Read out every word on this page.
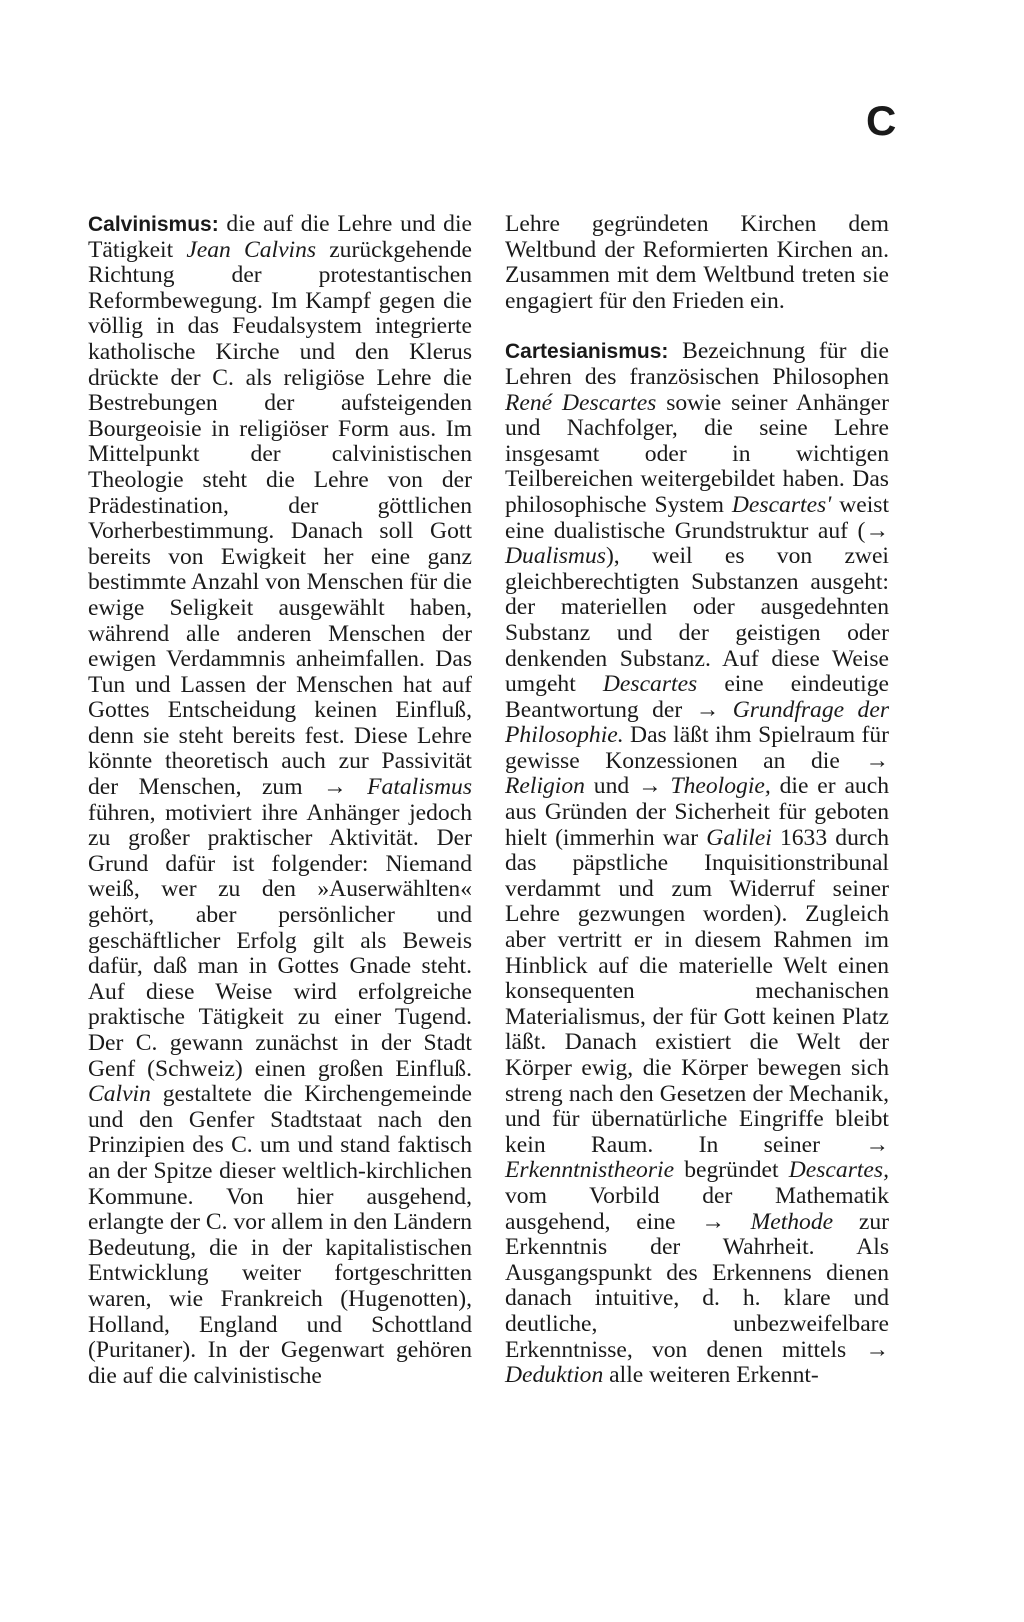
C

Calvinismus: die auf die Lehre und die Tätigkeit Jean Calvins zurückgehende Richtung der protestantischen Reformbewegung. Im Kampf gegen die völlig in das Feudalsystem integrierte katholische Kirche und den Klerus drückte der C. als religiöse Lehre die Bestrebungen der aufsteigenden Bourgeoisie in religiöser Form aus. Im Mittelpunkt der calvinistischen Theologie steht die Lehre von der Prädestination, der göttlichen Vorherbestimmung. Danach soll Gott bereits von Ewigkeit her eine ganz bestimmte Anzahl von Menschen für die ewige Seligkeit ausgewählt haben, während alle anderen Menschen der ewigen Verdammnis anheimfallen. Das Tun und Lassen der Menschen hat auf Gottes Entscheidung keinen Einfluß, denn sie steht bereits fest. Diese Lehre könnte theoretisch auch zur Passivität der Menschen, zum → Fatalismus führen, motiviert ihre Anhänger jedoch zu großer praktischer Aktivität. Der Grund dafür ist folgender: Niemand weiß, wer zu den »Auserwählten« gehört, aber persönlicher und geschäftlicher Erfolg gilt als Beweis dafür, daß man in Gottes Gnade steht. Auf diese Weise wird erfolgreiche praktische Tätigkeit zu einer Tugend. Der C. gewann zunächst in der Stadt Genf (Schweiz) einen großen Einfluß. Calvin gestaltete die Kirchengemeinde und den Genfer Stadtstaat nach den Prinzipien des C. um und stand faktisch an der Spitze dieser weltlich-kirchlichen Kommune. Von hier ausgehend, erlangte der C. vor allem in den Ländern Bedeutung, die in der kapitalistischen Entwicklung weiter fortgeschritten waren, wie Frankreich (Hugenotten), Holland, England und Schottland (Puritaner). In der Gegenwart gehören die auf die calvinistische

Lehre gegründeten Kirchen dem Weltbund der Reformierten Kirchen an. Zusammen mit dem Weltbund treten sie engagiert für den Frieden ein.

Cartesianismus: Bezeichnung für die Lehren des französischen Philosophen René Descartes sowie seiner Anhänger und Nachfolger, die seine Lehre insgesamt oder in wichtigen Teilbereichen weitergebildet haben. Das philosophische System Descartes' weist eine dualistische Grundstruktur auf (→ Dualismus), weil es von zwei gleichberechtigten Substanzen ausgeht: der materiellen oder ausgedehnten Substanz und der geistigen oder denkenden Substanz. Auf diese Weise umgeht Descartes eine eindeutige Beantwortung der → Grundfrage der Philosophie. Das läßt ihm Spielraum für gewisse Konzessionen an die → Religion und → Theologie, die er auch aus Gründen der Sicherheit für geboten hielt (immerhin war Galilei 1633 durch das päpstliche Inquisitionstribunal verdammt und zum Widerruf seiner Lehre gezwungen worden). Zugleich aber vertritt er in diesem Rahmen im Hinblick auf die materielle Welt einen konsequenten mechanischen Materialismus, der für Gott keinen Platz läßt. Danach existiert die Welt der Körper ewig, die Körper bewegen sich streng nach den Gesetzen der Mechanik, und für übernatürliche Eingriffe bleibt kein Raum. In seiner → Erkenntnistheorie begründet Descartes, vom Vorbild der Mathematik ausgehend, eine → Methode zur Erkenntnis der Wahrheit. Als Ausgangspunkt des Erkennens dienen danach intuitive, d. h. klare und deutliche, unbezweifelbare Erkenntnisse, von denen mittels → Deduktion alle weiteren Erkennt-
